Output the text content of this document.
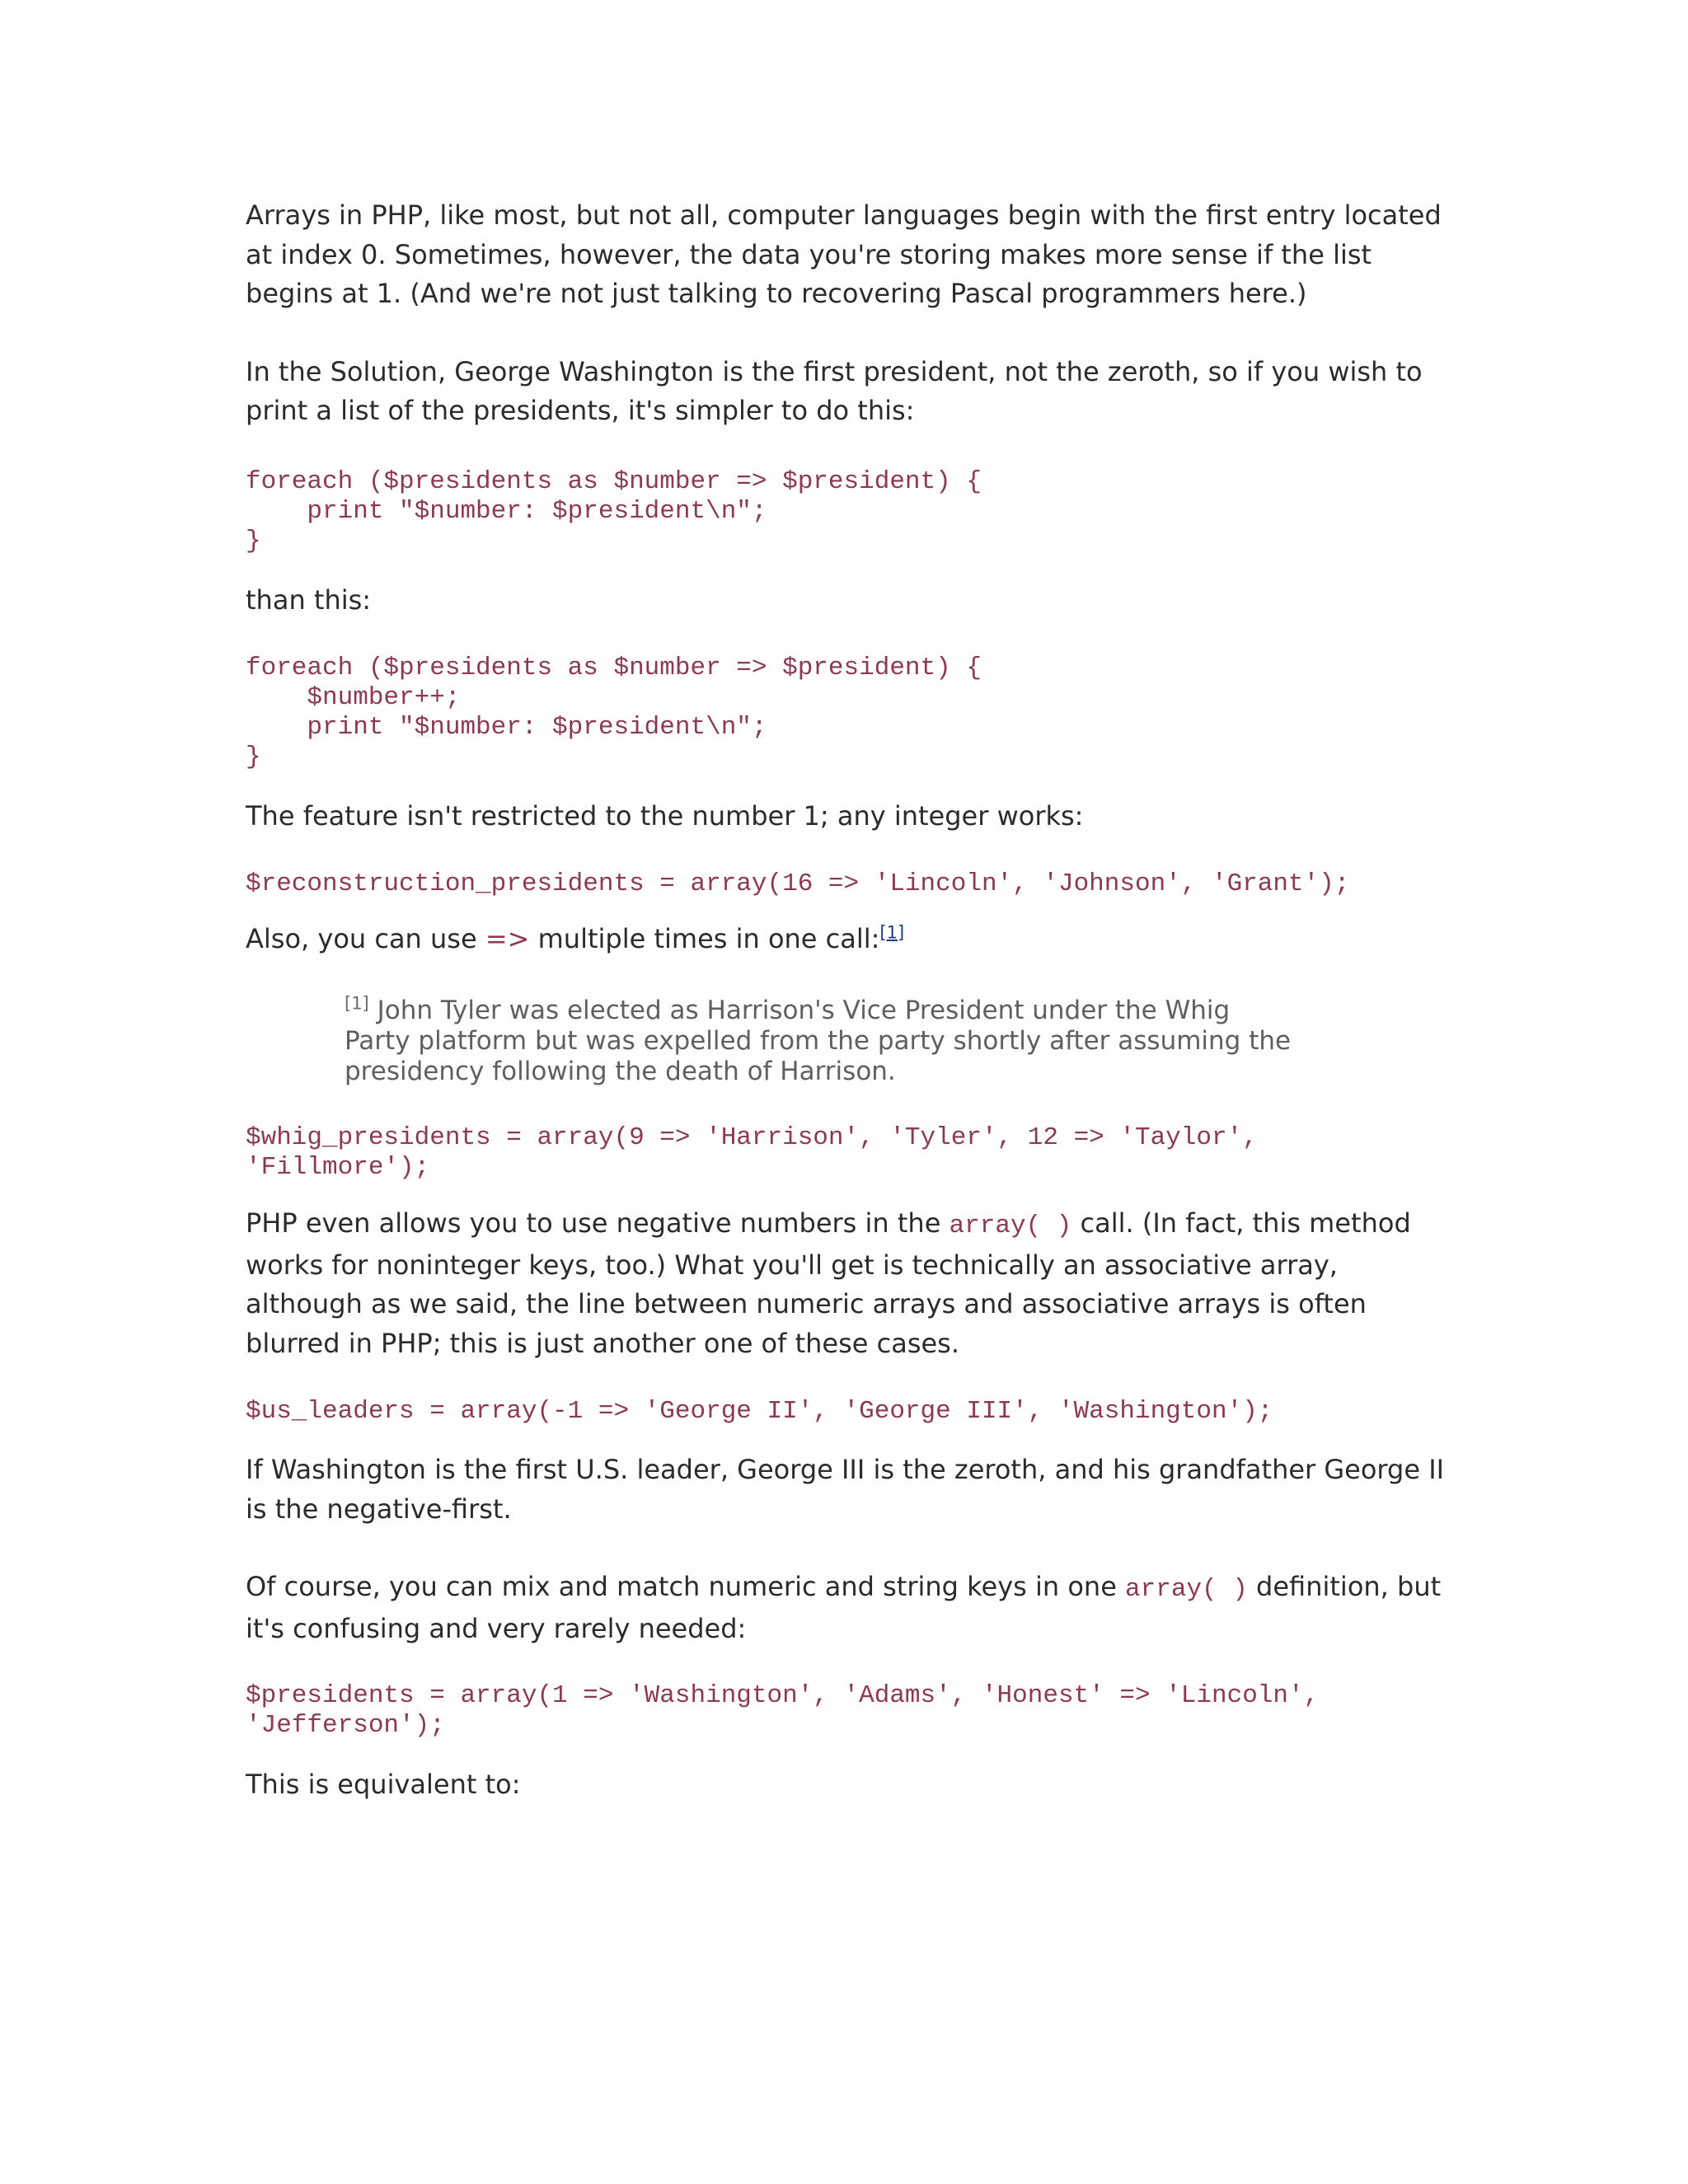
Arrays in PHP, like most, but not all, computer languages begin with the first entry located at index 0. Sometimes, however, the data you're storing makes more sense if the list begins at 1. (And we're not just talking to recovering Pascal programmers here.)

In the Solution, George Washington is the first president, not the zeroth, so if you wish to print a list of the presidents, it's simpler to do this:

foreach ($presidents as $number => $president) {
print "$number: $president\n";
}

than this:

foreach ($presidents as $number => $president) {
$number++;
print "$number: $president\n";
}

The feature isn't restricted to the number 1; any integer works:

$reconstruction_presidents = array(16 => 'Lincoln', 'Johnson', 'Grant');

Also, you can use => multiple times in one call:[1]

[1] John Tyler was elected as Harrison's Vice President under the Whig Party platform but was expelled from the party shortly after assuming the presidency following the death of Harrison.

$whig_presidents = array(9 => 'Harrison', 'Tyler', 12 => 'Taylor',
'Fillmore');

PHP even allows you to use negative numbers in the array( ) call. (In fact, this method works for noninteger keys, too.) What you'll get is technically an associative array, although as we said, the line between numeric arrays and associative arrays is often blurred in PHP; this is just another one of these cases.

$us_leaders = array(-1 => 'George II', 'George III', 'Washington');

If Washington is the first U.S. leader, George III is the zeroth, and his grandfather George II is the negative-first.

Of course, you can mix and match numeric and string keys in one array( ) definition, but it's confusing and very rarely needed:

$presidents = array(1 => 'Washington', 'Adams', 'Honest' => 'Lincoln',
'Jefferson');

This is equivalent to:
